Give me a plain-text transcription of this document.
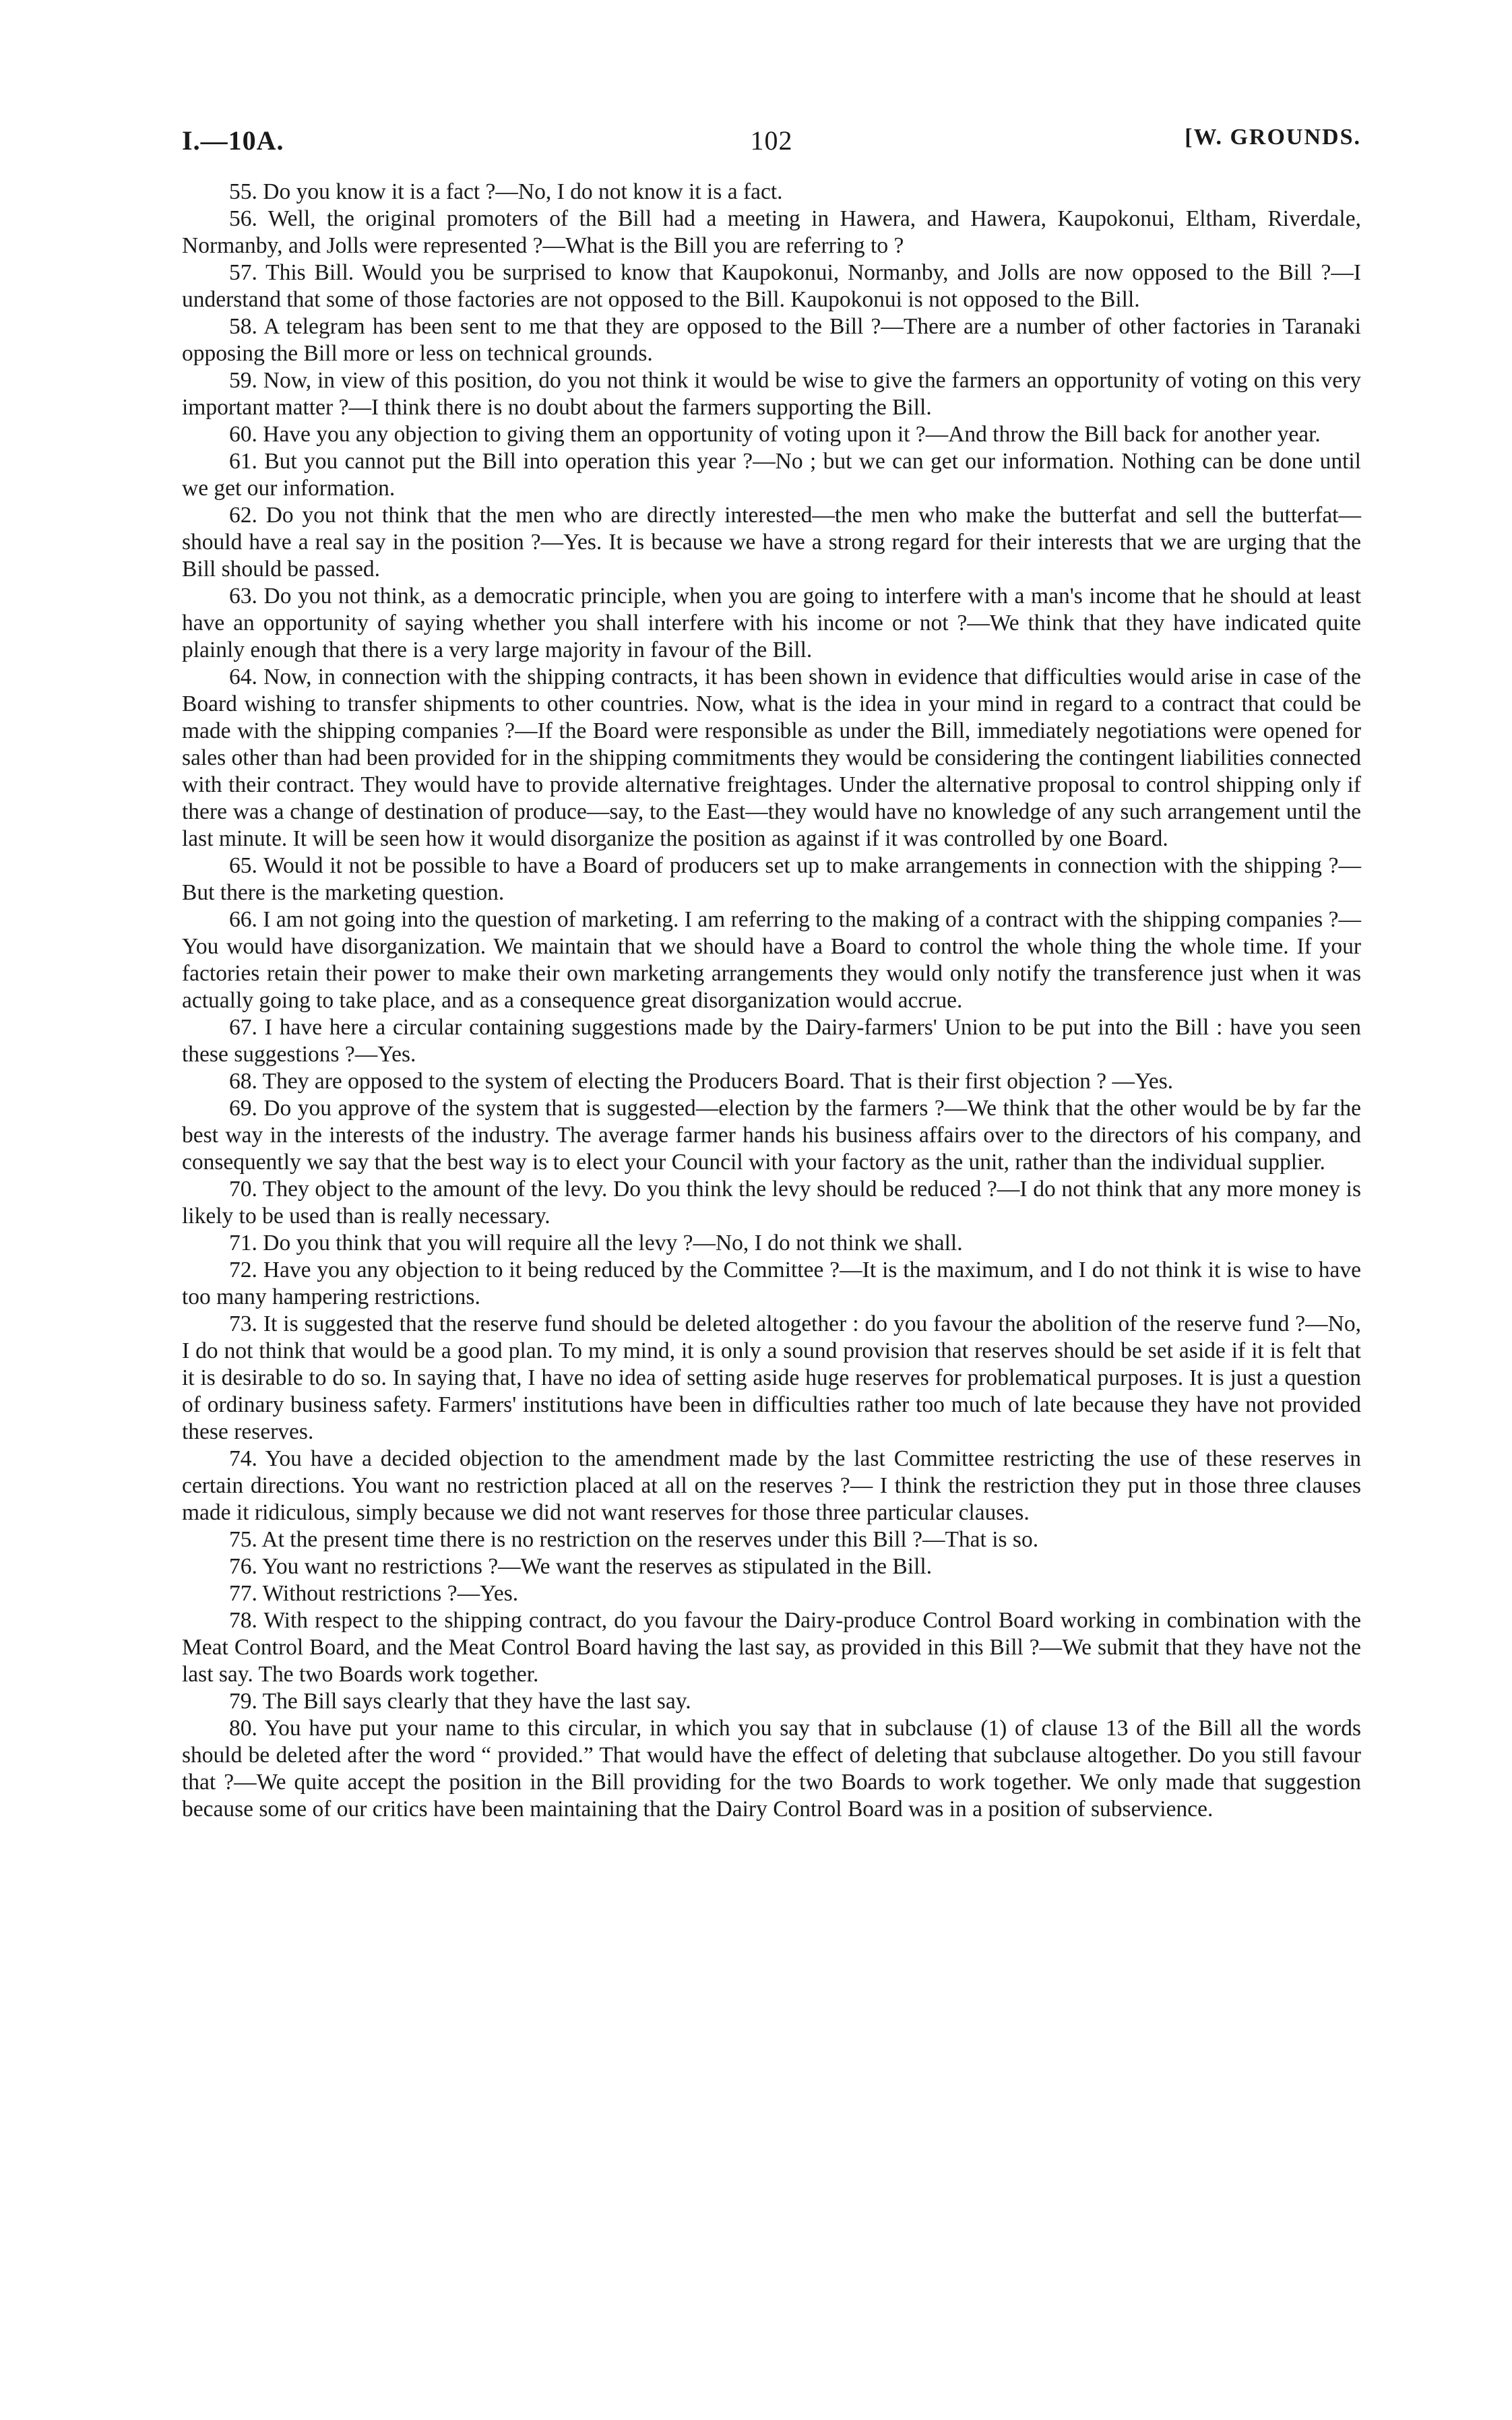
I.—10A.	102	[W. GROUNDS.

55. Do you know it is a fact ?—No, I do not know it is a fact.

56. Well, the original promoters of the Bill had a meeting in Hawera, and Hawera, Kaupokonui, Eltham, Riverdale, Normanby, and Jolls were represented ?—What is the Bill you are referring to ?

57. This Bill. Would you be surprised to know that Kaupokonui, Normanby, and Jolls are now opposed to the Bill ?—I understand that some of those factories are not opposed to the Bill. Kaupokonui is not opposed to the Bill.

58. A telegram has been sent to me that they are opposed to the Bill ?—There are a number of other factories in Taranaki opposing the Bill more or less on technical grounds.

59. Now, in view of this position, do you not think it would be wise to give the farmers an opportunity of voting on this very important matter ?—I think there is no doubt about the farmers supporting the Bill.

60. Have you any objection to giving them an opportunity of voting upon it ?—And throw the Bill back for another year.

61. But you cannot put the Bill into operation this year ?—No ; but we can get our information. Nothing can be done until we get our information.

62. Do you not think that the men who are directly interested—the men who make the butterfat and sell the butterfat—should have a real say in the position ?—Yes. It is because we have a strong regard for their interests that we are urging that the Bill should be passed.

63. Do you not think, as a democratic principle, when you are going to interfere with a man's income that he should at least have an opportunity of saying whether you shall interfere with his income or not ?—We think that they have indicated quite plainly enough that there is a very large majority in favour of the Bill.

64. Now, in connection with the shipping contracts, it has been shown in evidence that difficulties would arise in case of the Board wishing to transfer shipments to other countries. Now, what is the idea in your mind in regard to a contract that could be made with the shipping companies ?—If the Board were responsible as under the Bill, immediately negotiations were opened for sales other than had been provided for in the shipping commitments they would be considering the contingent liabilities connected with their contract. They would have to provide alternative freightages. Under the alternative proposal to control shipping only if there was a change of destination of produce—say, to the East—they would have no knowledge of any such arrangement until the last minute. It will be seen how it would disorganize the position as against if it was controlled by one Board.

65. Would it not be possible to have a Board of producers set up to make arrangements in connection with the shipping ?—But there is the marketing question.

66. I am not going into the question of marketing. I am referring to the making of a contract with the shipping companies ?—You would have disorganization. We maintain that we should have a Board to control the whole thing the whole time. If your factories retain their power to make their own marketing arrangements they would only notify the transference just when it was actually going to take place, and as a consequence great disorganization would accrue.

67. I have here a circular containing suggestions made by the Dairy-farmers' Union to be put into the Bill : have you seen these suggestions ?—Yes.

68. They are opposed to the system of electing the Producers Board. That is their first objection ? —Yes.

69. Do you approve of the system that is suggested—election by the farmers ?—We think that the other would be by far the best way in the interests of the industry. The average farmer hands his business affairs over to the directors of his company, and consequently we say that the best way is to elect your Council with your factory as the unit, rather than the individual supplier.

70. They object to the amount of the levy. Do you think the levy should be reduced ?—I do not think that any more money is likely to be used than is really necessary.

71. Do you think that you will require all the levy ?—No, I do not think we shall.

72. Have you any objection to it being reduced by the Committee ?—It is the maximum, and I do not think it is wise to have too many hampering restrictions.

73. It is suggested that the reserve fund should be deleted altogether : do you favour the abolition of the reserve fund ?—No, I do not think that would be a good plan. To my mind, it is only a sound provision that reserves should be set aside if it is felt that it is desirable to do so. In saying that, I have no idea of setting aside huge reserves for problematical purposes. It is just a question of ordinary business safety. Farmers' institutions have been in difficulties rather too much of late because they have not provided these reserves.

74. You have a decided objection to the amendment made by the last Committee restricting the use of these reserves in certain directions. You want no restriction placed at all on the reserves ?— I think the restriction they put in those three clauses made it ridiculous, simply because we did not want reserves for those three particular clauses.

75. At the present time there is no restriction on the reserves under this Bill ?—That is so.

76. You want no restrictions ?—We want the reserves as stipulated in the Bill.

77. Without restrictions ?—Yes.

78. With respect to the shipping contract, do you favour the Dairy-produce Control Board working in combination with the Meat Control Board, and the Meat Control Board having the last say, as provided in this Bill ?—We submit that they have not the last say. The two Boards work together.

79. The Bill says clearly that they have the last say.

80. You have put your name to this circular, in which you say that in subclause (1) of clause 13 of the Bill all the words should be deleted after the word “ provided.” That would have the effect of deleting that subclause altogether. Do you still favour that ?—We quite accept the position in the Bill providing for the two Boards to work together. We only made that suggestion because some of our critics have been maintaining that the Dairy Control Board was in a position of subservience.
